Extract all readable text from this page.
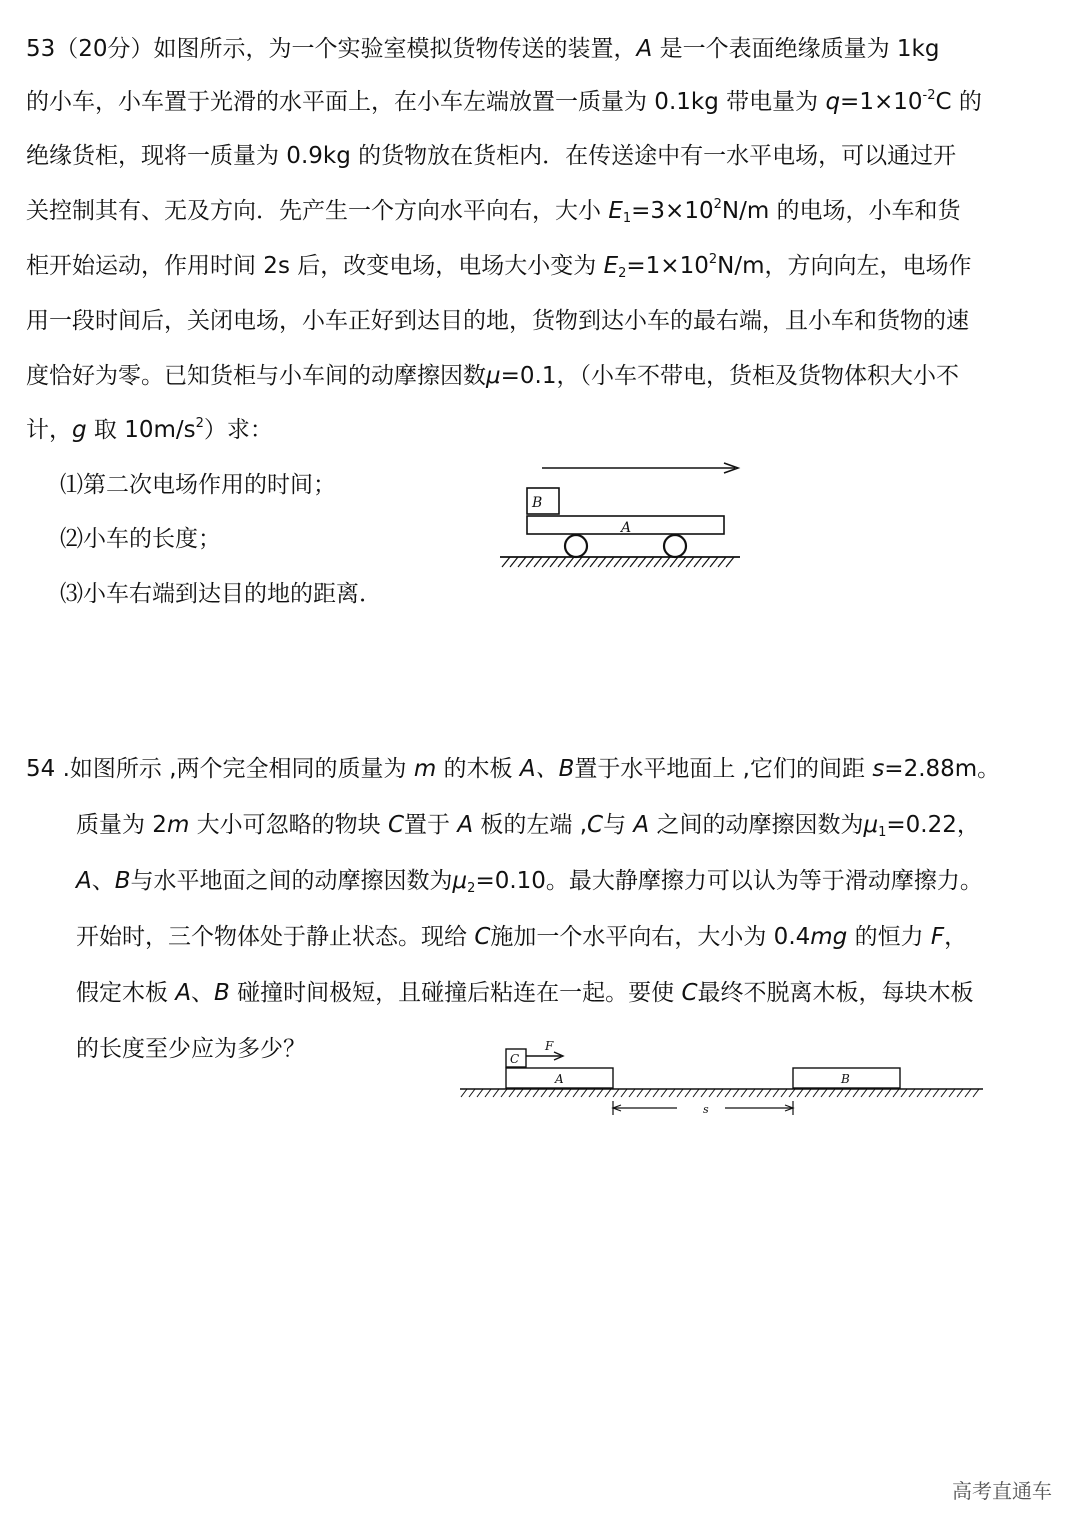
53（20分）如图所示，为一个实验室模拟货物传送的装置，A 是一个表面绝缘质量为 1kg
的小车，小车置于光滑的水平面上，在小车左端放置一质量为 0.1kg 带电量为 $q=1\times 10^{-2}C$ 的
绝缘货柜，现将一质量为 0.9kg 的货物放在货柜内．在传送途中有一水平电场，可以通过开
关控制其有、无及方向．先产生一个方向水平向右，大小 $E_1=3\times 10^2N/m$ 的电场，小车和货
柜开始运动，作用时间 2s 后，改变电场，电场大小变为 $E_2=1\times 10^2N/m$，方向向左，电场作
用一段时间后，关闭电场，小车正好到达目的地，货物到达小车的最右端，且小车和货物的速
度恰好为零。已知货柜与小车间的动摩擦因数μ=0.1，（小车不带电，货柜及货物体积大小不
计，g 取 $10m/s^2$）求：
⑴第二次电场作用的时间；
⑵小车的长度；
⑶小车右端到达目的地的距离．
B
A
54 .如图所示 ,两个完全相同的质量为 m 的木板 A、B置于水平地面上 ,它们的间距 s=2.88m。
质量为 2m 大小可忽略的物块 C置于 A 板的左端 ,C与 A 之间的动摩擦因数为$\mu_1=0.22$，
A、B与水平地面之间的动摩擦因数为$\mu_2=0.10$。最大静摩擦力可以认为等于滑动摩擦力。
开始时，三个物体处于静止状态。现给 C施加一个水平向右，大小为 0.4mg 的恒力 F，
假定木板 A、B 碰撞时间极短，且碰撞后粘连在一起。要使 C最终不脱离木板，每块木板
的长度至少应为多少？	C
F
A	B
s
高考直通车
